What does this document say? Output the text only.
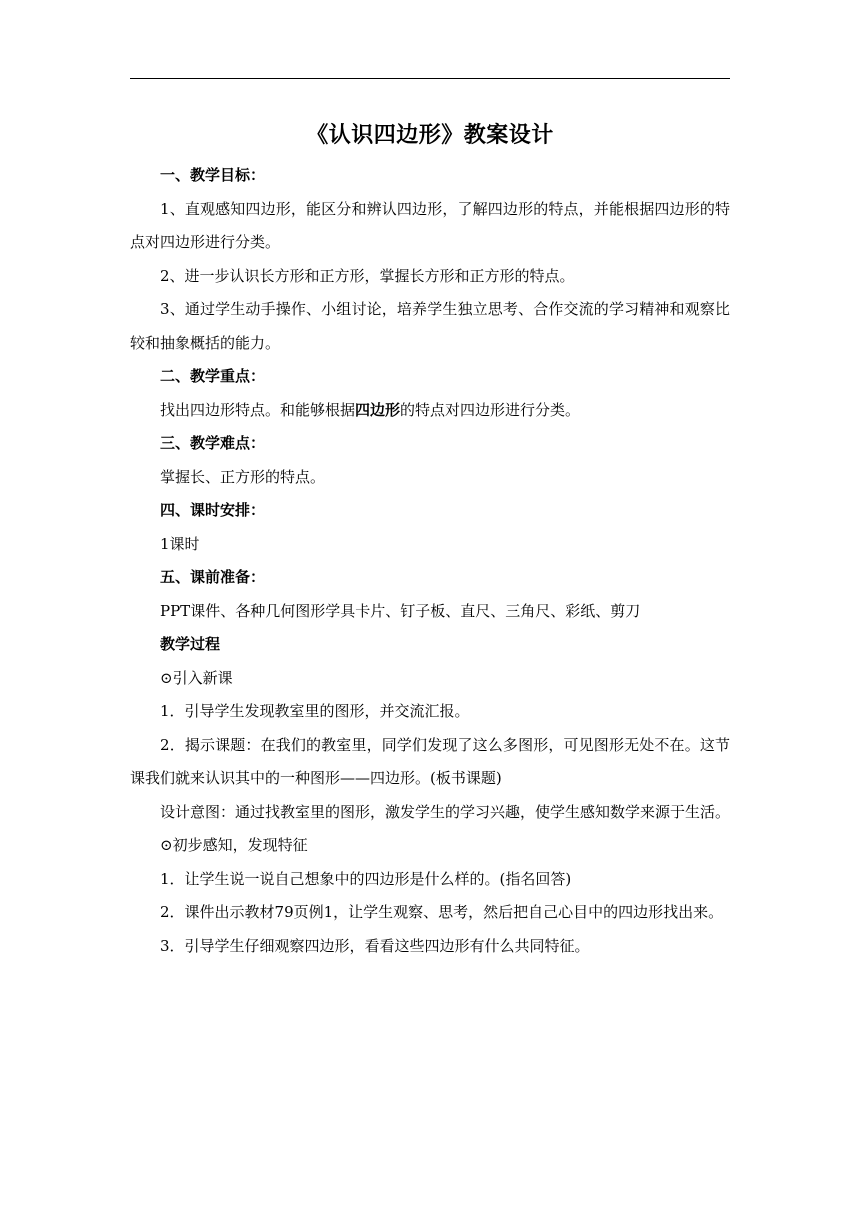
《认识四边形》教案设计

一、教学目标：

1、直观感知四边形，能区分和辨认四边形，了解四边形的特点，并能根据四边形的特点对四边形进行分类。

2、进一步认识长方形和正方形，掌握长方形和正方形的特点。

3、通过学生动手操作、小组讨论，培养学生独立思考、合作交流的学习精神和观察比较和抽象概括的能力。

二、教学重点：

找出四边形特点。和能够根据四边形的特点对四边形进行分类。

三、教学难点：

掌握长、正方形的特点。

四、课时安排：

1课时

五、课前准备：

PPT课件、各种几何图形学具卡片、钉子板、直尺、三角尺、彩纸、剪刀

教学过程

⊙引入新课

1．引导学生发现教室里的图形，并交流汇报。

2．揭示课题：在我们的教室里，同学们发现了这么多图形，可见图形无处不在。这节课我们就来认识其中的一种图形——四边形。(板书课题)

设计意图：通过找教室里的图形，激发学生的学习兴趣，使学生感知数学来源于生活。

⊙初步感知，发现特征

1．让学生说一说自己想象中的四边形是什么样的。(指名回答)

2．课件出示教材79页例1，让学生观察、思考，然后把自己心目中的四边形找出来。

3．引导学生仔细观察四边形，看看这些四边形有什么共同特征。
